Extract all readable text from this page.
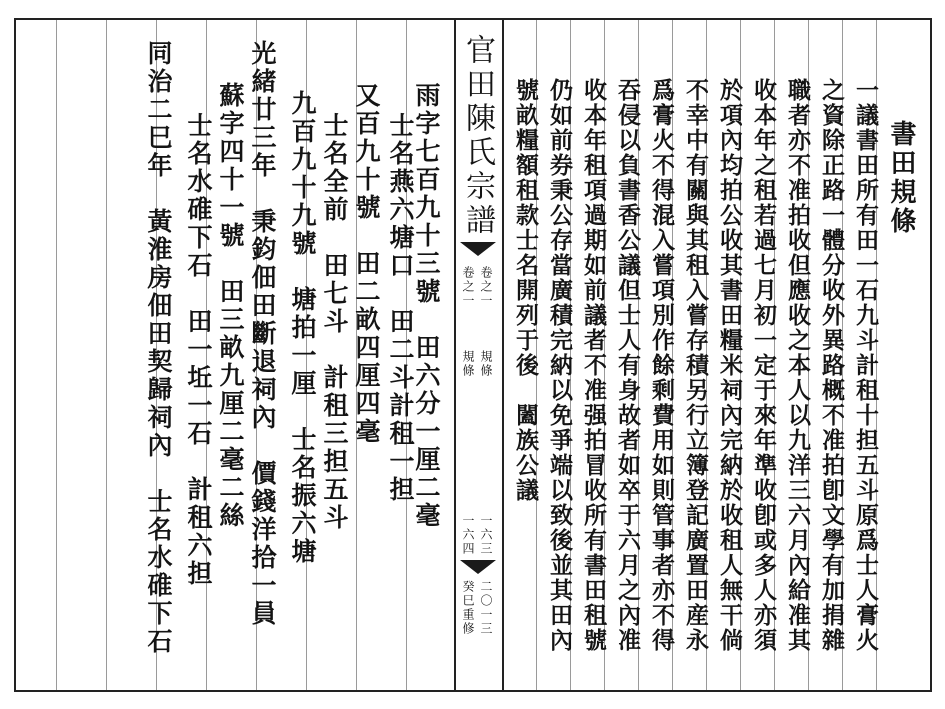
雨字七百九十三號　田六分一厘二毫
士名燕六塘口　田二斗計租一担
又百九十號　田二畝四厘四毫
士名全前　田七斗　計租三担五斗
九百九十九號　塘拍一厘　士名振六塘
光緒廿三年　秉鈞佃田斷退祠內　價錢洋拾一員
蘇字四十一號　田三畝九厘二毫二絲
士名水碓下石　田一坵一石　計租六担
同治二巳年　黃淮房佃田契歸祠內　士名水碓下石	官田陳氏宗譜
卷之一
卷之一
規條
規條
一六三
一六四
二〇一三
癸巳重修
書田規條
一議書田所有田一石九斗計租十担五斗原爲士人膏火
之資除正路一體分收外異路概不准拍卽文學有加捐雜
職者亦不准拍收但應收之本人以九洋三六月內給准其
收本年之租若過七月初一定于來年準收卽或多人亦須
於項內均拍公收其書田糧米祠內完納於收租人無干倘
不幸中有關與其租入嘗存積另行立簿登記廣置田産永
爲膏火不得混入嘗項別作餘剩費用如則管事者亦不得
吞侵以負書香公議但士人有身故者如卒于六月之內准
收本年租項過期如前議者不准强拍冒收所有書田租號
仍如前券秉公存當廣積完納以免爭端以致後並其田內
號畝糧額租款士名開列于後　闔族公議
